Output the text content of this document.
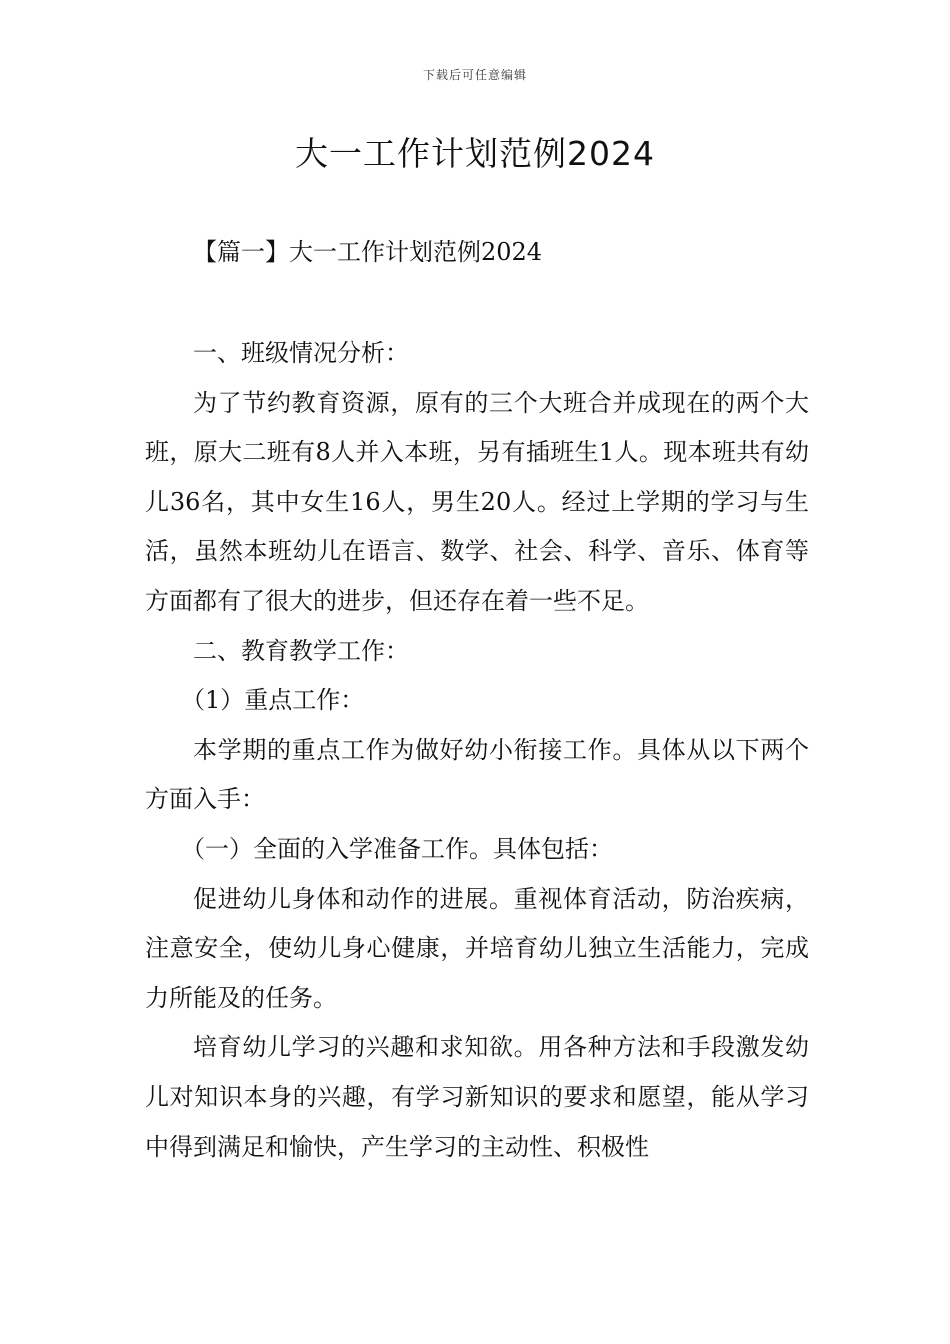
下载后可任意编辑
大一工作计划范例2024
【篇一】大一工作计划范例2024

一、班级情况分析：

为了节约教育资源，原有的三个大班合并成现在的两个大班，原大二班有8人并入本班，另有插班生1人。现本班共有幼儿36名，其中女生16人，男生20人。经过上学期的学习与生活，虽然本班幼儿在语言、数学、社会、科学、音乐、体育等方面都有了很大的进步，但还存在着一些不足。

二、教育教学工作：

（1）重点工作：

本学期的重点工作为做好幼小衔接工作。具体从以下两个方面入手：

（一）全面的入学准备工作。具体包括：

促进幼儿身体和动作的进展。重视体育活动，防治疾病，注意安全，使幼儿身心健康，并培育幼儿独立生活能力，完成力所能及的任务。

培育幼儿学习的兴趣和求知欲。用各种方法和手段激发幼儿对知识本身的兴趣，有学习新知识的要求和愿望，能从学习中得到满足和愉快，产生学习的主动性、积极性
